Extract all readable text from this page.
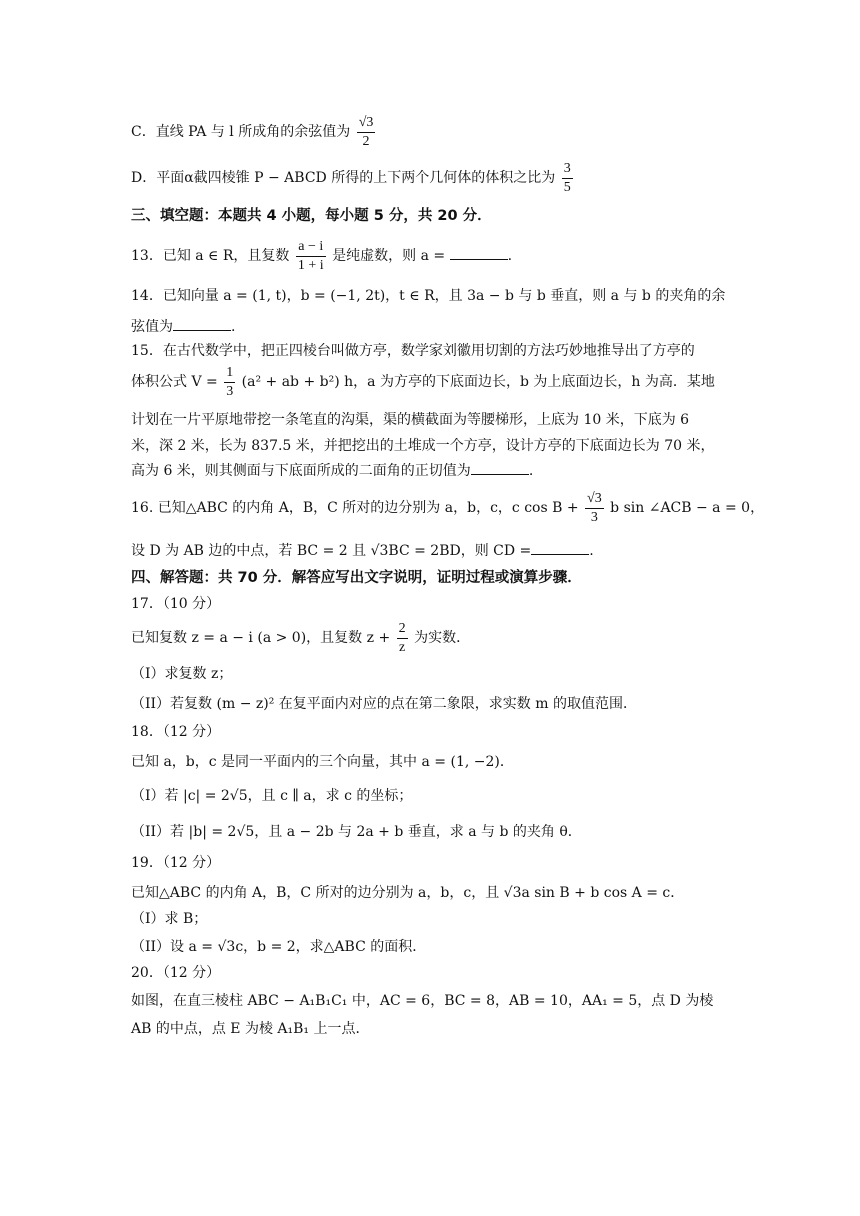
C．直线 PA 与 l 所成角的余弦值为 $\frac{√3}{2}$
D．平面α截四棱锥 P − ABCD 所得的上下两个几何体的体积之比为 $\frac{3}{5}$
三、填空题：本题共 4 小题，每小题 5 分，共 20 分．
13．已知 a ∈ R，且复数 $\frac{a - i}{1 + i}$ 是纯虚数，则 a =	.
14．已知向量 a = (1, t)，b = (−1, 2t)，t ∈ R，且 3a − b 与 b 垂直，则 a 与 b 的夹角的余
弦值为	.
15．在古代数学中，把正四棱台叫做方亭，数学家刘徽用切割的方法巧妙地推导出了方亭的
体积公式 $V = \frac{1}{3} (a^2$ + ab + b²) h，a 为方亭的下底面边长，b 为上底面边长，h 为高．某地
计划在一片平原地带挖一条笔直的沟渠，渠的横截面为等腰梯形，上底为 10 米，下底为 6
米，深 2 米，长为 837.5 米，并把挖出的土堆成一个方亭，设计方亭的下底面边长为 70 米，
高为 6 米，则其侧面与下底面所成的二面角的正切值为	.
16. 已知△ABC 的内角 A，B，C 所对的边分别为 a，b，c，c $\cos B + \frac{√3}{3}$ b sin ∠ACB − a = 0，
设 D 为 AB 边的中点，若 BC = 2 且 √3BC = 2BD，则 CD =	.
四、解答题：共 70 分．解答应写出文字说明，证明过程或演算步骤．
17．（10 分）
已知复数 z = a − i (a > 0)，且复数 $z + \frac{2}{z}$ 为实数．
（I）求复数 z；
（II）若复数 (m − z)² 在复平面内对应的点在第二象限，求实数 m 的取值范围．
18．（12 分）
已知 a，b，c 是同一平面内的三个向量，其中 a = (1, −2)．
（I）若 |c| = 2√5，且 c ∥ a，求 c 的坐标；
（II）若 |b| = 2√5，且 a − 2b 与 2a + b 垂直，求 a 与 b 的夹角 θ．
19．（12 分）
已知△ABC 的内角 A，B，C 所对的边分别为 a，b，c，且 √3a sin B + b cos A = c．
（I）求 B；
（II）设 a = √3c，b = 2，求△ABC 的面积．
20．（12 分）
如图，在直三棱柱 ABC − A₁B₁C₁ 中，AC = 6，BC = 8，AB = 10，AA₁ = 5，点 D 为棱
AB 的中点，点 E 为棱 A₁B₁ 上一点．
